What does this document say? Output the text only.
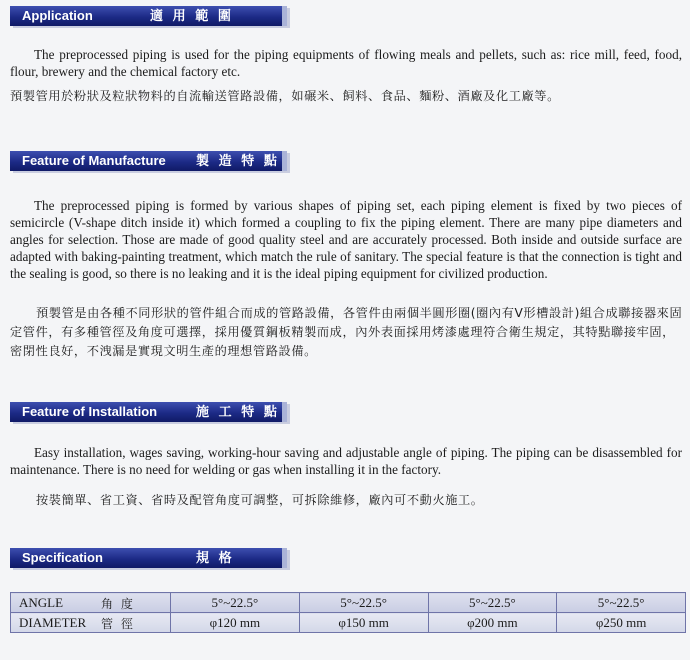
Application	適 用 範 圍

The preprocessed piping is used for the piping equipments of flowing meals and pellets, such as: rice mill, feed, food, flour, brewery and the chemical factory etc.

預製管用於粉狀及粒狀物料的自流輸送管路設備，如碾米、飼料、食品、麵粉、酒廠及化工廠等。

Feature of Manufacture 製 造 特 點

The preprocessed piping is formed by various shapes of piping set, each piping element is fixed by two pieces of semicircle (V-shape ditch inside it) which formed a coupling to fix the piping element. There are many pipe diameters and angles for selection. Those are made of good quality steel and are accurately processed. Both inside and outside surface are adapted with baking-painting treatment, which match the rule of sanitary. The special feature is that the connection is tight and the sealing is good, so there is no leaking and it is the ideal piping equipment for civilized production.

預製管是由各種不同形狀的管件組合而成的管路設備，各管件由兩個半圓形圈(圈內有V形槽設計)組合成聯接器來固定管件，有多種管徑及角度可選擇，採用優質鋼板精製而成，內外表面採用烤漆處理符合衛生規定，其特點聯接牢固，密閉性良好，不洩漏是實現文明生產的理想管路設備。

Feature of Installation	施 工 特 點

Easy installation, wages saving, working-hour saving and adjustable angle of piping. The piping can be disassembled for maintenance. There is no need for welding or gas when installing it in the factory.

按裝簡單、省工資、省時及配管角度可調整，可拆除維修，廠內可不動火施工。

Specification	規 格
ANGLE 角 度	5°~22.5°	5°~22.5°	5°~22.5°	5°~22.5°
DIAMETER 管 徑	φ120 mm	φ150 mm	φ200 mm	φ250 mm
